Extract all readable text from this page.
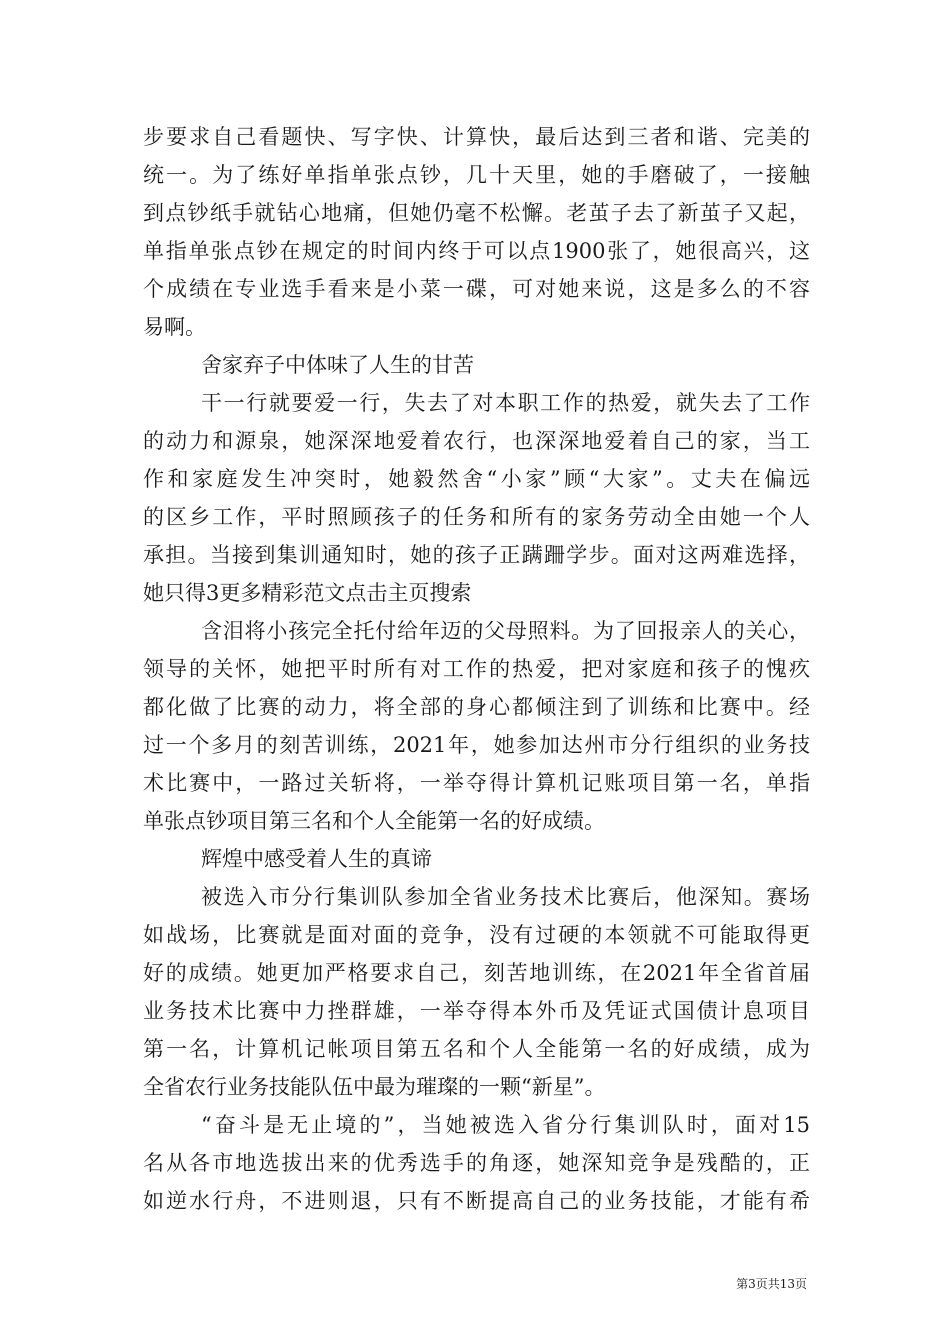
步要求自己看题快、写字快、计算快，最后达到三者和谐、完美的
统一。为了练好单指单张点钞，几十天里，她的手磨破了，一接触
到点钞纸手就钻心地痛，但她仍毫不松懈。老茧子去了新茧子又起，
单指单张点钞在规定的时间内终于可以点1900张了，她很高兴，这
个成绩在专业选手看来是小菜一碟，可对她来说，这是多么的不容
易啊。
舍家弃子中体味了人生的甘苦
干一行就要爱一行，失去了对本职工作的热爱，就失去了工作
的动力和源泉，她深深地爱着农行，也深深地爱着自己的家，当工
作和家庭发生冲突时，她毅然舍“小家”顾“大家”。丈夫在偏远
的区乡工作，平时照顾孩子的任务和所有的家务劳动全由她一个人
承担。当接到集训通知时，她的孩子正蹒跚学步。面对这两难选择，
她只得3更多精彩范文点击主页搜索
含泪将小孩完全托付给年迈的父母照料。为了回报亲人的关心，
领导的关怀，她把平时所有对工作的热爱，把对家庭和孩子的愧疚
都化做了比赛的动力，将全部的身心都倾注到了训练和比赛中。经
过一个多月的刻苦训练，2021年，她参加达州市分行组织的业务技
术比赛中，一路过关斩将，一举夺得计算机记账项目第一名，单指
单张点钞项目第三名和个人全能第一名的好成绩。
辉煌中感受着人生的真谛
被选入市分行集训队参加全省业务技术比赛后，他深知。赛场
如战场，比赛就是面对面的竞争，没有过硬的本领就不可能取得更
好的成绩。她更加严格要求自己，刻苦地训练，在2021年全省首届
业务技术比赛中力挫群雄，一举夺得本外币及凭证式国债计息项目
第一名，计算机记帐项目第五名和个人全能第一名的好成绩，成为
全省农行业务技能队伍中最为璀璨的一颗“新星”。
“奋斗是无止境的”，当她被选入省分行集训队时，面对15
名从各市地选拔出来的优秀选手的角逐，她深知竞争是残酷的，正
如逆水行舟，不进则退，只有不断提高自己的业务技能，才能有希
第3页共13页
